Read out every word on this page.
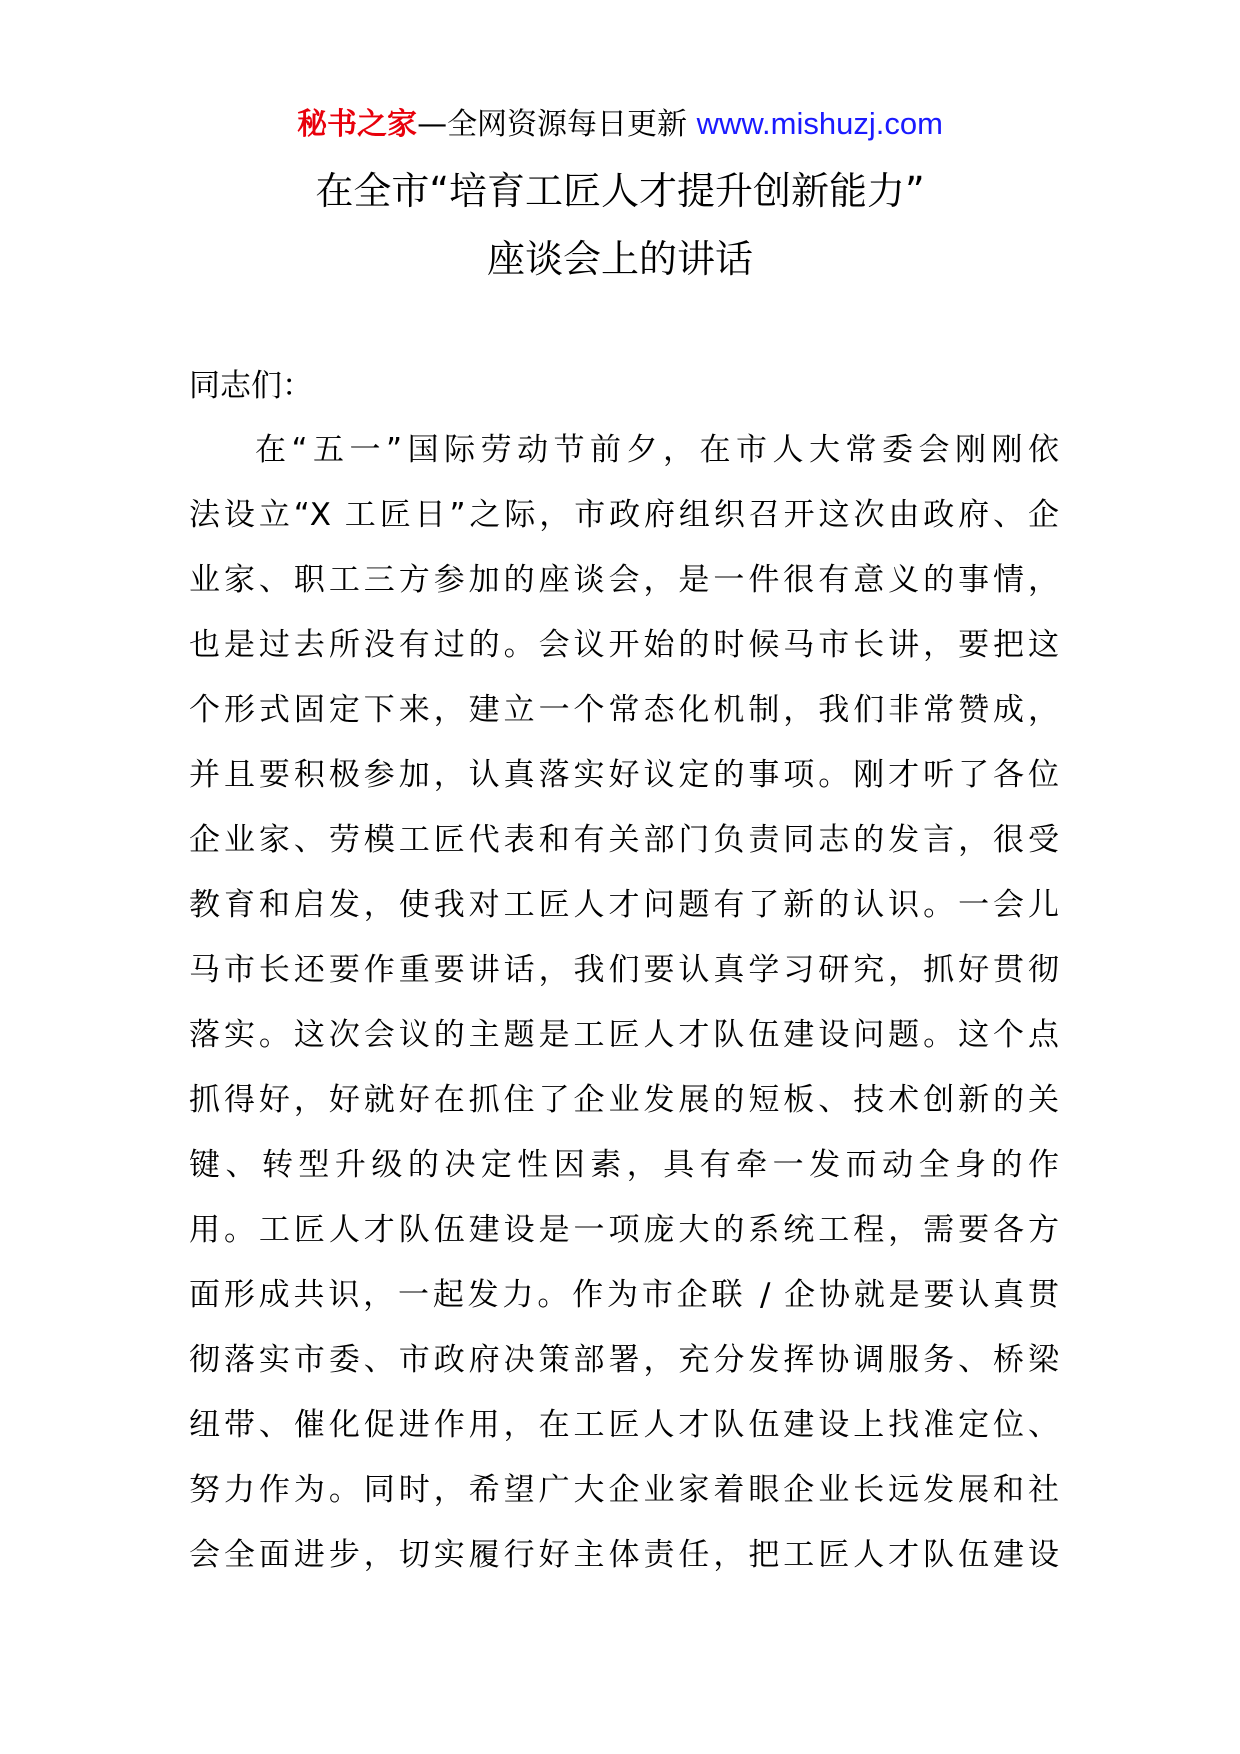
秘书之家—全网资源每日更新 www.mishuzj.com
在全市“培育工匠人才提升创新能力”
座谈会上的讲话
同志们：
在“五一”国际劳动节前夕，在市人大常委会刚刚依
法设立“X 工匠日”之际，市政府组织召开这次由政府、企
业家、职工三方参加的座谈会，是一件很有意义的事情，
也是过去所没有过的。会议开始的时候马市长讲，要把这
个形式固定下来，建立一个常态化机制，我们非常赞成，
并且要积极参加，认真落实好议定的事项。刚才听了各位
企业家、劳模工匠代表和有关部门负责同志的发言，很受
教育和启发，使我对工匠人才问题有了新的认识。一会儿
马市长还要作重要讲话，我们要认真学习研究，抓好贯彻
落实。这次会议的主题是工匠人才队伍建设问题。这个点
抓得好，好就好在抓住了企业发展的短板、技术创新的关
键、转型升级的决定性因素，具有牵一发而动全身的作
用。工匠人才队伍建设是一项庞大的系统工程，需要各方
面形成共识，一起发力。作为市企联 / 企协就是要认真贯
彻落实市委、市政府决策部署，充分发挥协调服务、桥梁
纽带、催化促进作用，在工匠人才队伍建设上找准定位、
努力作为。同时，希望广大企业家着眼企业长远发展和社
会全面进步，切实履行好主体责任，把工匠人才队伍建设
